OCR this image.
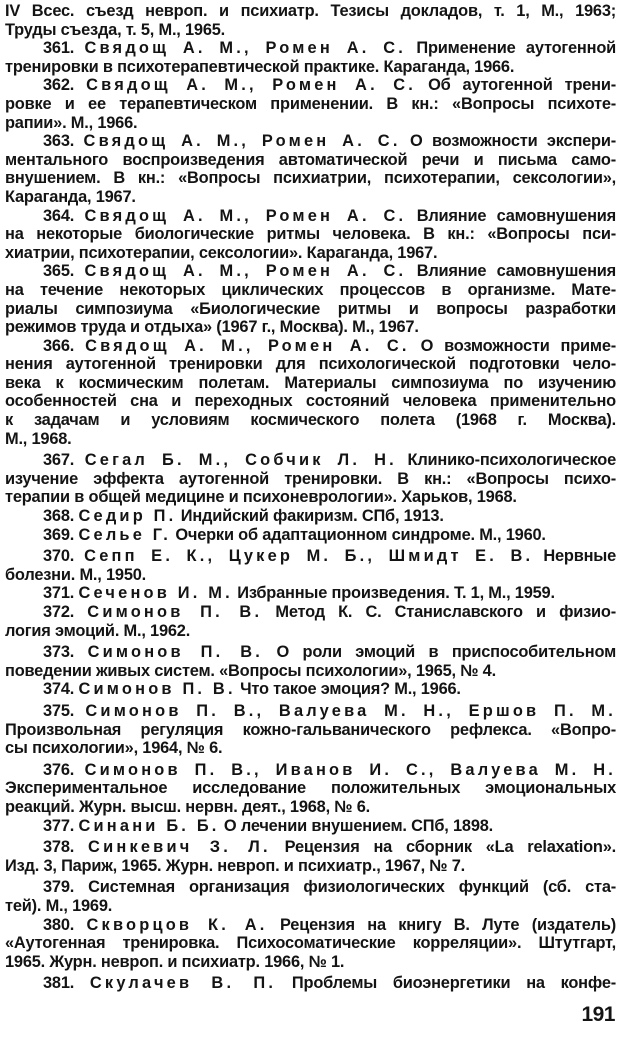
IV Всес. съезд невроп. и психиатр. Тезисы докладов, т. 1, М., 1963;
Труды съезда, т. 5, М., 1965.
361. Свядощ А. М., Ромен А. С. Применение аутогенной
тренировки в психотерапевтической практике. Караганда, 1966.
362. Свядощ А. М., Ромен А. С. Об аутогенной трени-
ровке и ее терапевтическом применении. В кн.: «Вопросы психоте-
рапии». М., 1966.
363. Свядощ А. М., Ромен А. С. О возможности экспери-
ментального воспроизведения автоматической речи и письма само-
внушением. В кн.: «Вопросы психиатрии, психотерапии, сексологии»,
Караганда, 1967.
364. Свядощ А. М., Ромен А. С. Влияние самовнушения
на некоторые биологические ритмы человека. В кн.: «Вопросы пси-
хиатрии, психотерапии, сексологии». Караганда, 1967.
365. Свядощ А. М., Ромен А. С. Влияние самовнушения
на течение некоторых циклических процессов в организме. Мате-
риалы симпозиума «Биологические ритмы и вопросы разработки
режимов труда и отдыха» (1967 г., Москва). М., 1967.
366. Свядощ А. М., Ромен А. С. О возможности приме-
нения аутогенной тренировки для психологической подготовки чело-
века к космическим полетам. Материалы симпозиума по изучению
особенностей сна и переходных состояний человека применительно
к задачам и условиям космического полета (1968 г. Москва).
М., 1968.
367. Сегал Б. М., Собчик Л. Н. Клинико-психологическое
изучение эффекта аутогенной тренировки. В кн.: «Вопросы психо-
терапии в общей медицине и психоневрологии». Харьков, 1968.
368. Седир П. Индийский факиризм. СПб, 1913.
369. Селье Г. Очерки об адаптационном синдроме. М., 1960.
370. Сепп Е. К., Цукер М. Б., Шмидт Е. В. Нервные
болезни. М., 1950.
371. Сеченов И. М. Избранные произведения. Т. 1, М., 1959.
372. Симонов П. В. Метод К. С. Станиславского и физио-
логия эмоций. М., 1962.
373. Симонов П. В. О роли эмоций в приспособительном
поведении живых систем. «Вопросы психологии», 1965, № 4.
374. Симонов П. В. Что такое эмоция? М., 1966.
375. Симонов П. В., Валуева М. Н., Ершов П. М.
Произвольная регуляция кожно-гальванического рефлекса. «Вопро-
сы психологии», 1964, № 6.
376. Симонов П. В., Иванов И. С., Валуева М. Н.
Экспериментальное исследование положительных эмоциональных
реакций. Журн. высш. нервн. деят., 1968, № 6.
377. Синани Б. Б. О лечении внушением. СПб, 1898.
378. Синкевич З. Л. Рецензия на сборник «La relaxation».
Изд. 3, Париж, 1965. Журн. невроп. и психиатр., 1967, № 7.
379. Системная организация физиологических функций (сб. ста-
тей). М., 1969.
380. Скворцов К. А. Рецензия на книгу В. Луте (издатель)
«Аутогенная тренировка. Психосоматические корреляции». Штутгарт,
1965. Журн. невроп. и психиатр. 1966, № 1.
381. Скулачев В. П. Проблемы биоэнергетики на конфе-
191
